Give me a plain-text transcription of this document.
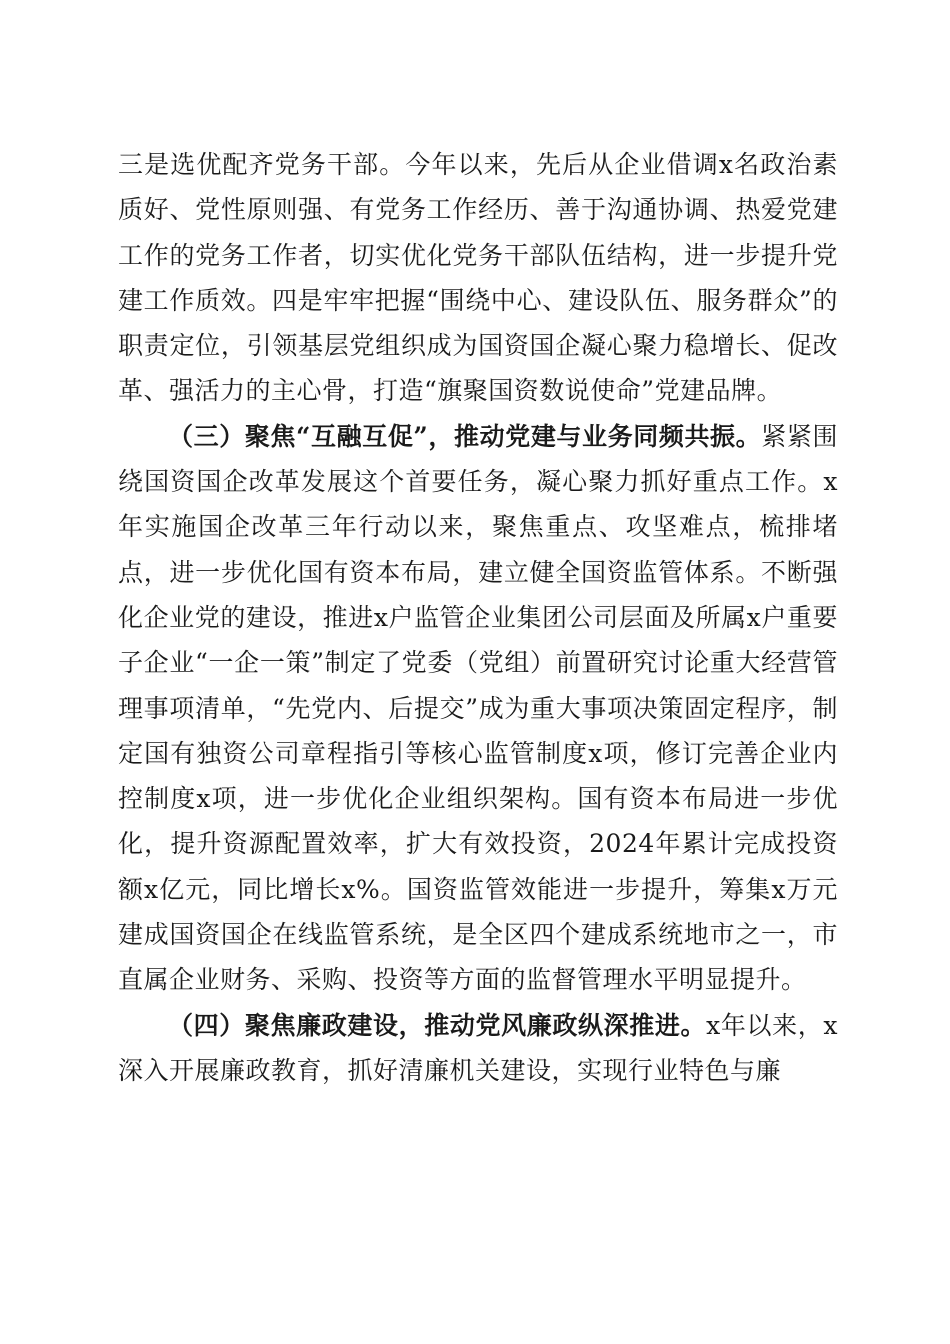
三是选优配齐党务干部。今年以来，先后从企业借调x名政治素质好、党性原则强、有党务工作经历、善于沟通协调、热爱党建工作的党务工作者，切实优化党务干部队伍结构，进一步提升党建工作质效。四是牢牢把握“围绕中心、建设队伍、服务群众”的职责定位，引领基层党组织成为国资国企凝心聚力稳增长、促改革、强活力的主心骨，打造“旗聚国资数说使命”党建品牌。

（三）聚焦“互融互促”，推动党建与业务同频共振。紧紧围绕国资国企改革发展这个首要任务，凝心聚力抓好重点工作。x年实施国企改革三年行动以来，聚焦重点、攻坚难点，梳排堵点，进一步优化国有资本布局，建立健全国资监管体系。不断强化企业党的建设，推进x户监管企业集团公司层面及所属x户重要子企业“一企一策”制定了党委（党组）前置研究讨论重大经营管理事项清单，“先党内、后提交”成为重大事项决策固定程序，制定国有独资公司章程指引等核心监管制度x项，修订完善企业内控制度x项，进一步优化企业组织架构。国有资本布局进一步优化，提升资源配置效率，扩大有效投资，2024年累计完成投资额x亿元，同比增长x%。国资监管效能进一步提升，筹集x万元建成国资国企在线监管系统，是全区四个建成系统地市之一，市直属企业财务、采购、投资等方面的监督管理水平明显提升。

（四）聚焦廉政建设，推动党风廉政纵深推进。x年以来，x深入开展廉政教育，抓好清廉机关建设，实现行业特色与廉
